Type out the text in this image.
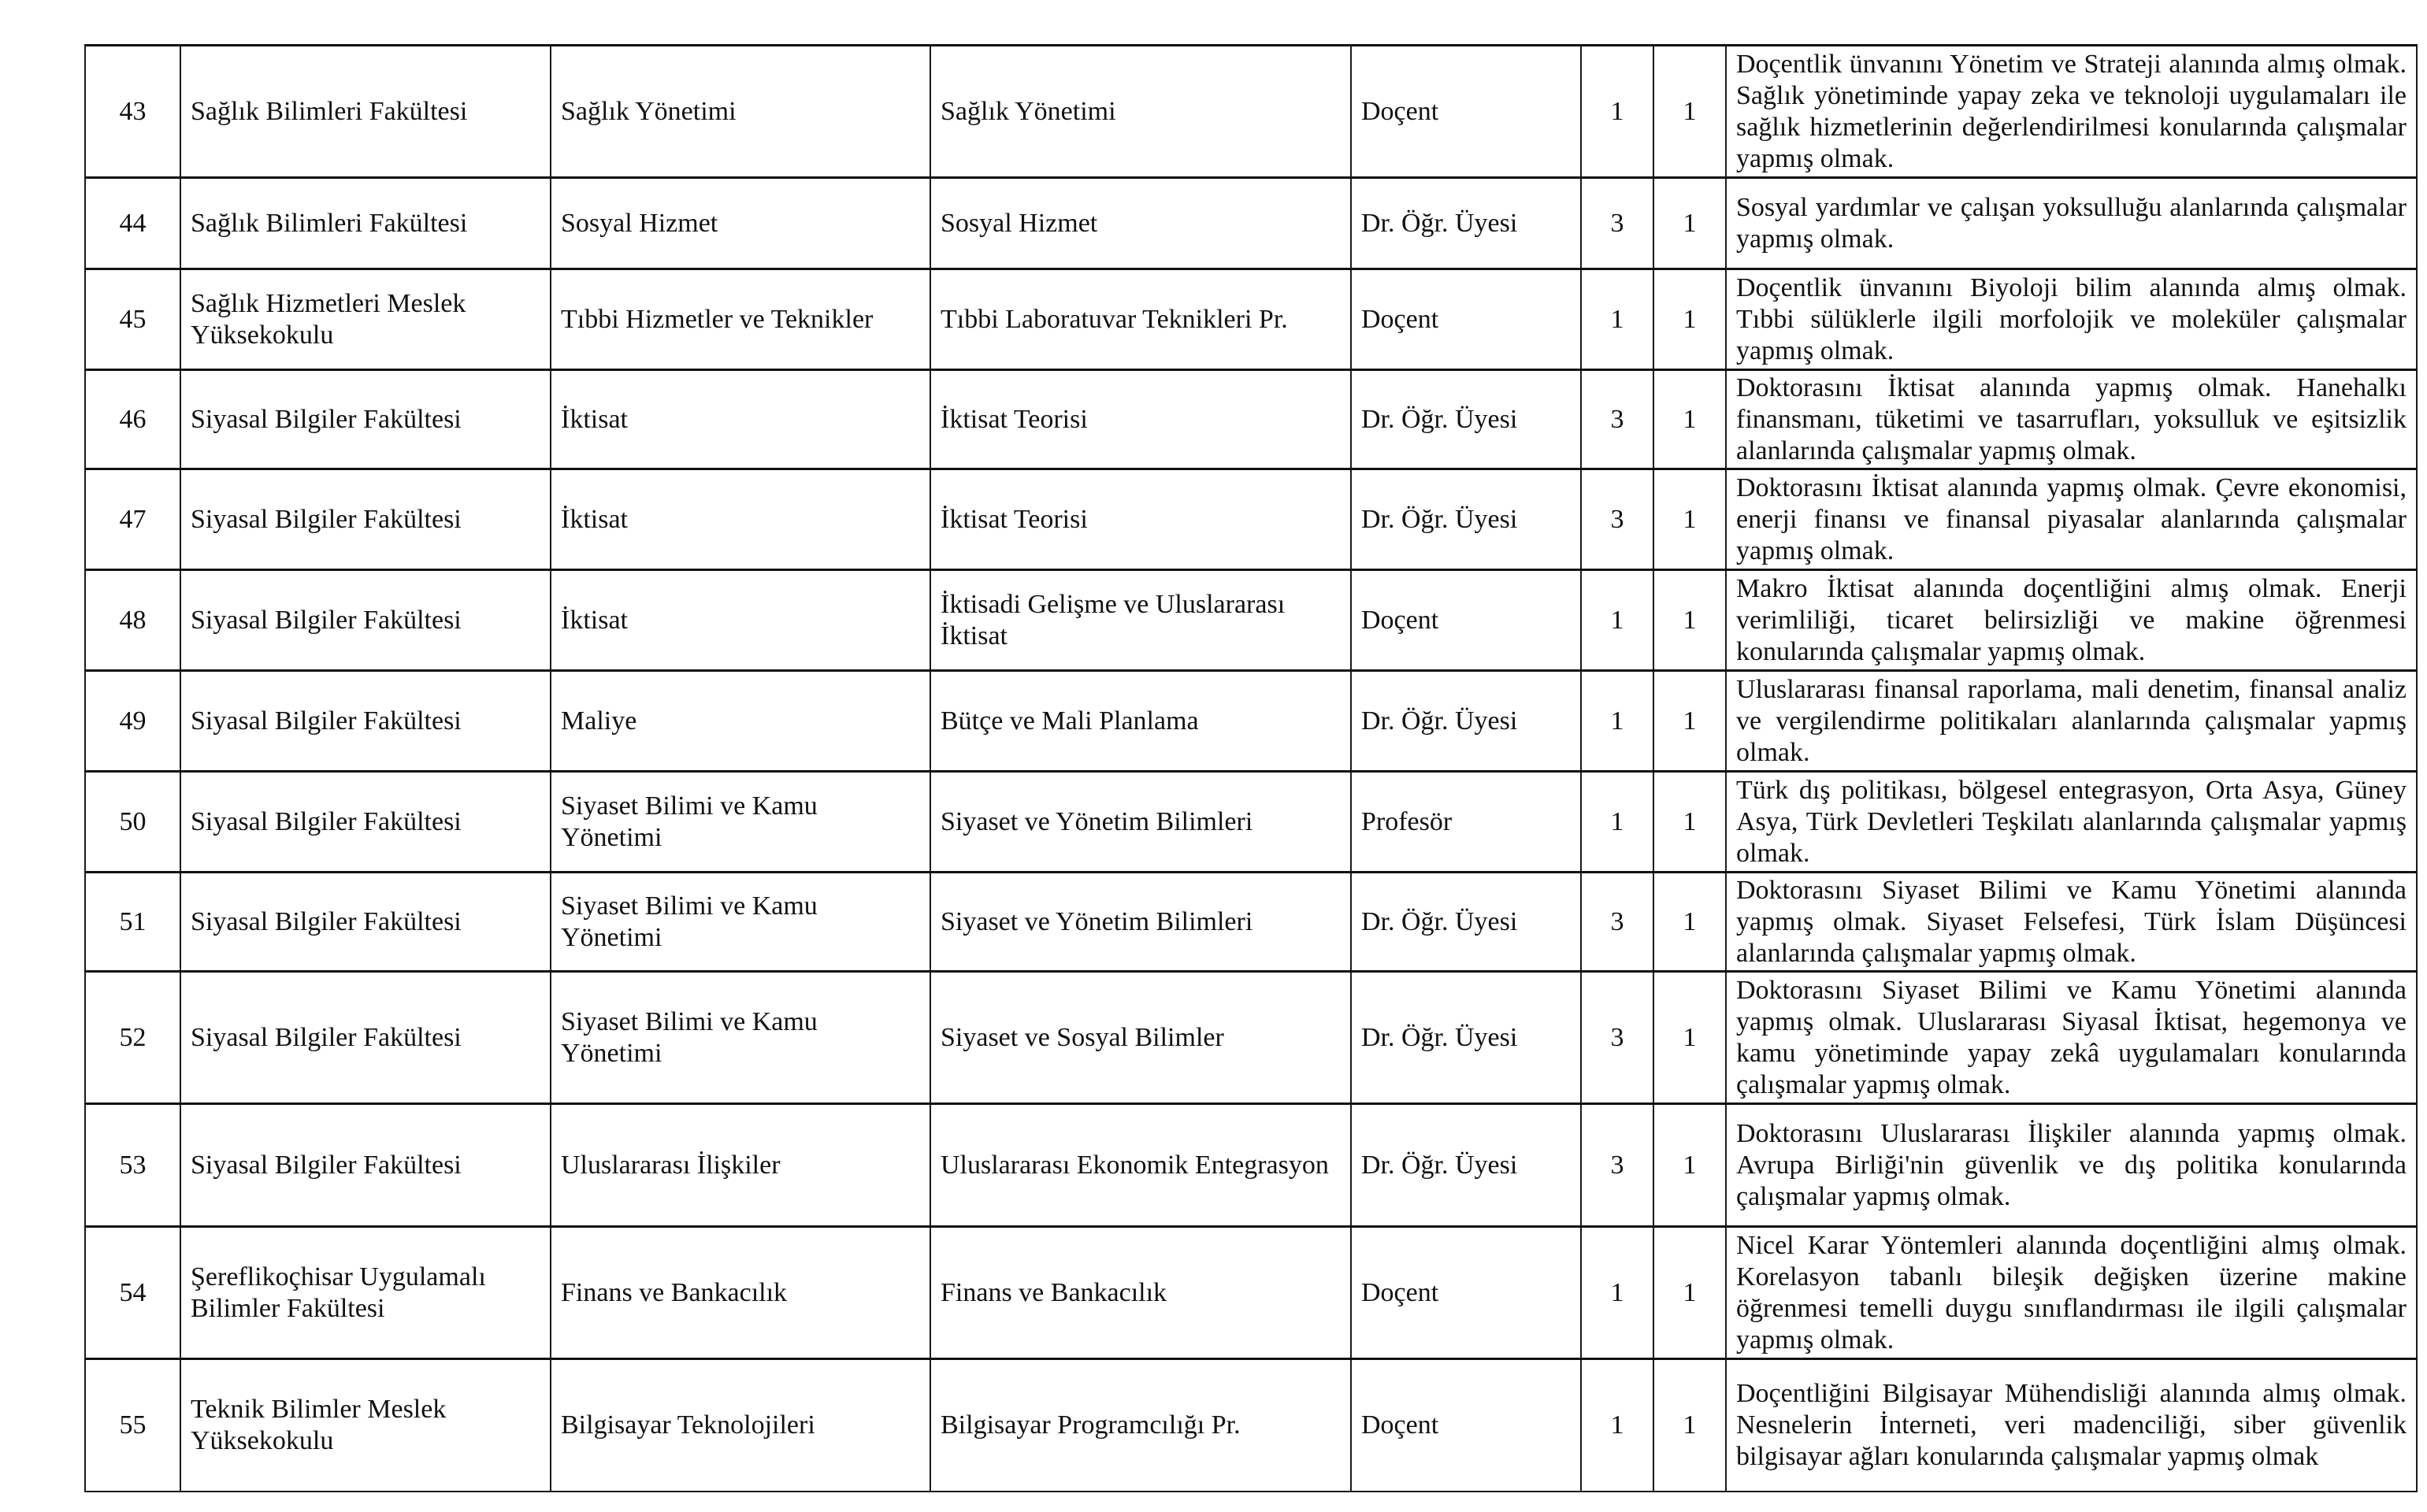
43	Sağlık Bilimleri Fakültesi	Sağlık Yönetimi	Sağlık Yönetimi	Doçent	1	1	Doçentlik ünvanını Yönetim ve Strateji alanında almış olmak. Sağlık yönetiminde yapay zeka ve teknoloji uygulamaları ile sağlık hizmetlerinin değerlendirilmesi konularında çalışmalar yapmış olmak.

44	Sağlık Bilimleri Fakültesi	Sosyal Hizmet	Sosyal Hizmet	Dr. Öğr. Üyesi	3	1	Sosyal yardımlar ve çalışan yoksulluğu alanlarında çalışmalar yapmış olmak.

45	Sağlık Hizmetleri Meslek Yüksekokulu	Tıbbi Hizmetler ve Teknikler	Tıbbi Laboratuvar Teknikleri Pr.	Doçent	1	1	Doçentlik ünvanını Biyoloji bilim alanında almış olmak. Tıbbi sülüklerle ilgili morfolojik ve moleküler çalışmalar yapmış olmak.

46	Siyasal Bilgiler Fakültesi	İktisat	İktisat Teorisi	Dr. Öğr. Üyesi	3	1	Doktorasını İktisat alanında yapmış olmak. Hanehalkı finansmanı, tüketimi ve tasarrufları, yoksulluk ve eşitsizlik alanlarında çalışmalar yapmış olmak.

47	Siyasal Bilgiler Fakültesi	İktisat	İktisat Teorisi	Dr. Öğr. Üyesi	3	1	Doktorasını İktisat alanında yapmış olmak. Çevre ekonomisi, enerji finansı ve finansal piyasalar alanlarında çalışmalar yapmış olmak.

48	Siyasal Bilgiler Fakültesi	İktisat	İktisadi Gelişme ve Uluslararası İktisat	Doçent	1	1	Makro İktisat alanında doçentliğini almış olmak. Enerji verimliliği, ticaret belirsizliği ve makine öğrenmesi konularında çalışmalar yapmış olmak.

49	Siyasal Bilgiler Fakültesi	Maliye	Bütçe ve Mali Planlama	Dr. Öğr. Üyesi	1	1	Uluslararası finansal raporlama, mali denetim, finansal analiz ve vergilendirme politikaları alanlarında çalışmalar yapmış olmak.

50	Siyasal Bilgiler Fakültesi	Siyaset Bilimi ve Kamu Yönetimi	Siyaset ve Yönetim Bilimleri	Profesör	1	1	Türk dış politikası, bölgesel entegrasyon, Orta Asya, Güney Asya, Türk Devletleri Teşkilatı alanlarında çalışmalar yapmış olmak.

51	Siyasal Bilgiler Fakültesi	Siyaset Bilimi ve Kamu Yönetimi	Siyaset ve Yönetim Bilimleri	Dr. Öğr. Üyesi	3	1	Doktorasını Siyaset Bilimi ve Kamu Yönetimi alanında yapmış olmak. Siyaset Felsefesi, Türk İslam Düşüncesi alanlarında çalışmalar yapmış olmak.

52	Siyasal Bilgiler Fakültesi	Siyaset Bilimi ve Kamu Yönetimi	Siyaset ve Sosyal Bilimler	Dr. Öğr. Üyesi	3	1	Doktorasını Siyaset Bilimi ve Kamu Yönetimi alanında yapmış olmak. Uluslararası Siyasal İktisat, hegemonya ve kamu yönetiminde yapay zekâ uygulamaları konularında çalışmalar yapmış olmak.

53	Siyasal Bilgiler Fakültesi	Uluslararası İlişkiler	Uluslararası Ekonomik Entegrasyon	Dr. Öğr. Üyesi	3	1	Doktorasını Uluslararası İlişkiler alanında yapmış olmak. Avrupa Birliği'nin güvenlik ve dış politika konularında çalışmalar yapmış olmak.

54	Şereflikoçhisar Uygulamalı Bilimler Fakültesi	Finans ve Bankacılık	Finans ve Bankacılık	Doçent	1	1	Nicel Karar Yöntemleri alanında doçentliğini almış olmak. Korelasyon tabanlı bileşik değişken üzerine makine öğrenmesi temelli duygu sınıflandırması ile ilgili çalışmalar yapmış olmak.

55	Teknik Bilimler Meslek Yüksekokulu	Bilgisayar Teknolojileri	Bilgisayar Programcılığı Pr.	Doçent	1	1	Doçentliğini Bilgisayar Mühendisliği alanında almış olmak. Nesnelerin İnterneti, veri madenciliği, siber güvenlik bilgisayar ağları konularında çalışmalar yapmış olmak
